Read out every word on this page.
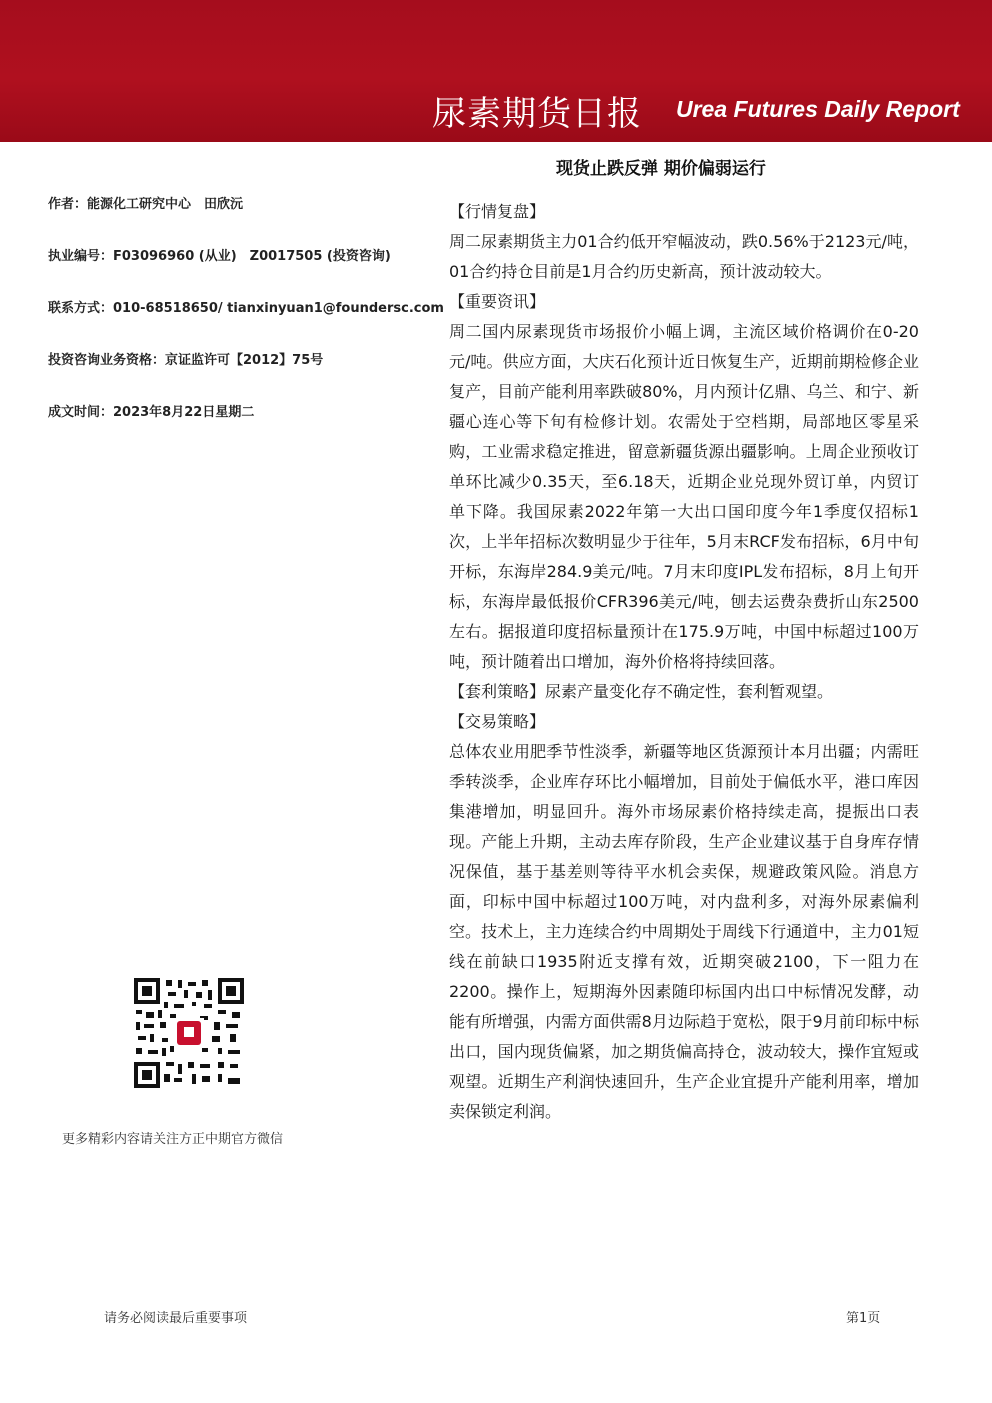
尿素期货日报 Urea Futures Daily Report
现货止跌反弹 期价偏弱运行
作者：能源化工研究中心　田欣沅
执业编号：F03096960 (从业)　Z0017505 (投资咨询)
联系方式：010-68518650/ tianxinyuan1@foundersc.com
投资咨询业务资格：京证监许可【2012】75号
成文时间：2023年8月22日星期二
更多精彩内容请关注方正中期官方微信

【行情复盘】

周二尿素期货主力01合约低开窄幅波动，跌0.56%于2123元/吨，01合约持仓目前是1月合约历史新高，预计波动较大。

【重要资讯】

周二国内尿素现货市场报价小幅上调，主流区域价格调价在0-20元/吨。供应方面，大庆石化预计近日恢复生产，近期前期检修企业复产，目前产能利用率跌破80%，月内预计亿鼎、乌兰、和宁、新疆心连心等下旬有检修计划。农需处于空档期，局部地区零星采购，工业需求稳定推进，留意新疆货源出疆影响。上周企业预收订单环比减少0.35天，至6.18天，近期企业兑现外贸订单，内贸订单下降。我国尿素2022年第一大出口国印度今年1季度仅招标1次，上半年招标次数明显少于往年，5月末RCF发布招标，6月中旬开标，东海岸284.9美元/吨。7月末印度IPL发布招标，8月上旬开标，东海岸最低报价CFR396美元/吨，刨去运费杂费折山东2500左右。据报道印度招标量预计在175.9万吨，中国中标超过100万吨，预计随着出口增加，海外价格将持续回落。

【套利策略】尿素产量变化存不确定性，套利暂观望。

【交易策略】

总体农业用肥季节性淡季，新疆等地区货源预计本月出疆；内需旺季转淡季，企业库存环比小幅增加，目前处于偏低水平，港口库因集港增加，明显回升。海外市场尿素价格持续走高，提振出口表现。产能上升期，主动去库存阶段，生产企业建议基于自身库存情况保值，基于基差则等待平水机会卖保，规避政策风险。消息方面，印标中国中标超过100万吨，对内盘利多，对海外尿素偏利空。技术上，主力连续合约中周期处于周线下行通道中，主力01短线在前缺口1935附近支撑有效，近期突破2100，下一阻力在2200。操作上，短期海外因素随印标国内出口中标情况发酵，动能有所增强，内需方面供需8月边际趋于宽松，限于9月前印标中标出口，国内现货偏紧，加之期货偏高持仓，波动较大，操作宜短或观望。近期生产利润快速回升，生产企业宜提升产能利用率，增加卖保锁定利润。

请务必阅读最后重要事项	第1页
